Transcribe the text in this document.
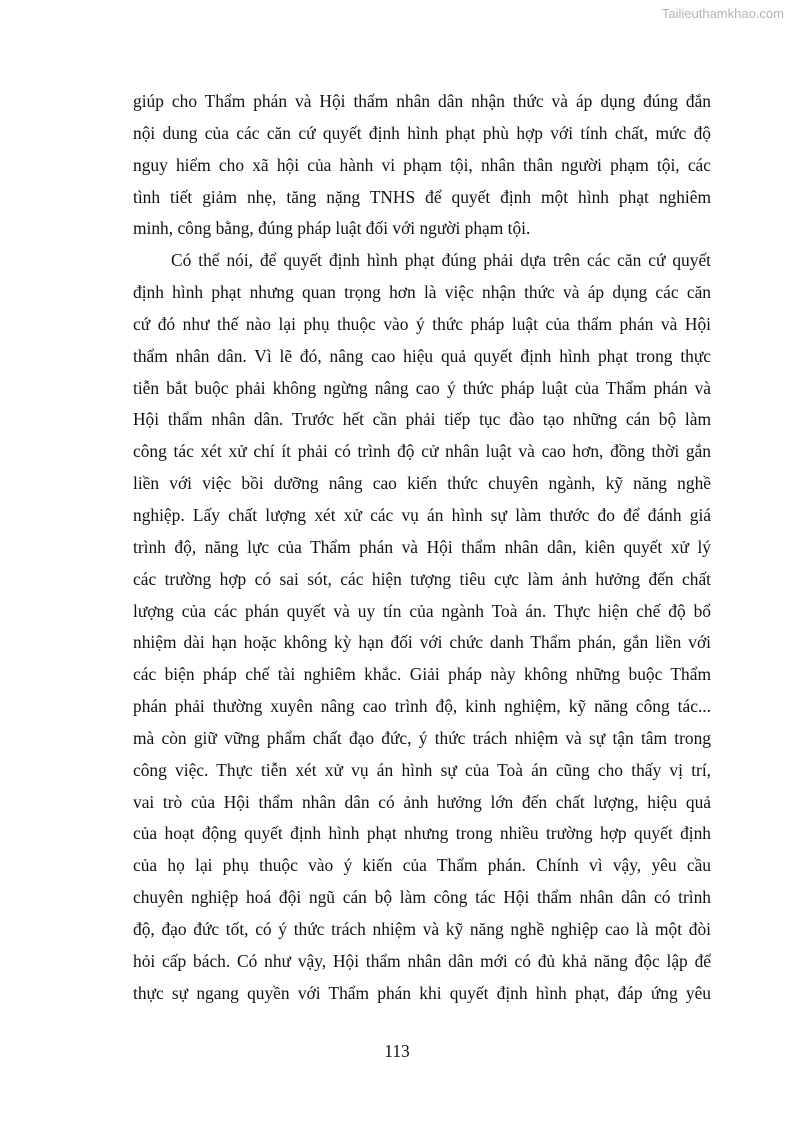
Tailieuthamkhao.com
giúp cho Thẩm phán và Hội thẩm nhân dân nhận thức và áp dụng đúng đắn
nội dung của các căn cứ quyết định hình phạt phù hợp với tính chất, mức độ
nguy hiểm cho xã hội của hành vi phạm tội, nhân thân người phạm tội, các
tình tiết giảm nhẹ, tăng nặng TNHS để quyết định một hình phạt nghiêm
minh, công bằng, đúng pháp luật đối với người phạm tội.
Có thể nói, để quyết định hình phạt đúng phải dựa trên các căn cứ quyết
định hình phạt nhưng quan trọng hơn là việc nhận thức và áp dụng các căn
cứ đó như thế nào lại phụ thuộc vào ý thức pháp luật của thẩm phán và Hội
thẩm nhân dân. Vì lẽ đó, nâng cao hiệu quả quyết định hình phạt trong thực
tiễn bắt buộc phải không ngừng nâng cao ý thức pháp luật của Thẩm phán và
Hội thẩm nhân dân. Trước hết cần phải tiếp tục đào tạo những cán bộ làm
công tác xét xử chí ít phải có trình độ cử nhân luật và cao hơn, đồng thời gắn
liền với việc bồi dưỡng nâng cao kiến thức chuyên ngành, kỹ năng nghề
nghiệp. Lấy chất lượng xét xử các vụ án hình sự làm thước đo để đánh giá
trình độ, năng lực của Thẩm phán và Hội thẩm nhân dân, kiên quyết xử lý
các trường hợp có sai sót, các hiện tượng tiêu cực làm ảnh hưởng đến chất
lượng của các phán quyết và uy tín của ngành Toà án. Thực hiện chế độ bổ
nhiệm dài hạn hoặc không kỳ hạn đối với chức danh Thẩm phán, gắn liền với
các biện pháp chế tài nghiêm khắc. Giải pháp này không những buộc Thẩm
phán phải thường xuyên nâng cao trình độ, kinh nghiệm, kỹ năng công tác...
mà còn giữ vững phẩm chất đạo đức, ý thức trách nhiệm và sự tận tâm trong
công việc. Thực tiễn xét xử vụ án hình sự của Toà án cũng cho thấy vị trí,
vai trò của Hội thẩm nhân dân có ảnh hưởng lớn đến chất lượng, hiệu quả
của hoạt động quyết định hình phạt nhưng trong nhiều trường hợp quyết định
của họ lại phụ thuộc vào ý kiến của Thẩm phán. Chính vì vậy, yêu cầu
chuyên nghiệp hoá đội ngũ cán bộ làm công tác Hội thẩm nhân dân có trình
độ, đạo đức tốt, có ý thức trách nhiệm và kỹ năng nghề nghiệp cao là một đòi
hỏi cấp bách. Có như vậy, Hội thẩm nhân dân mới có đủ khả năng độc lập để
thực sự ngang quyền với Thẩm phán khi quyết định hình phạt, đáp ứng yêu
113
